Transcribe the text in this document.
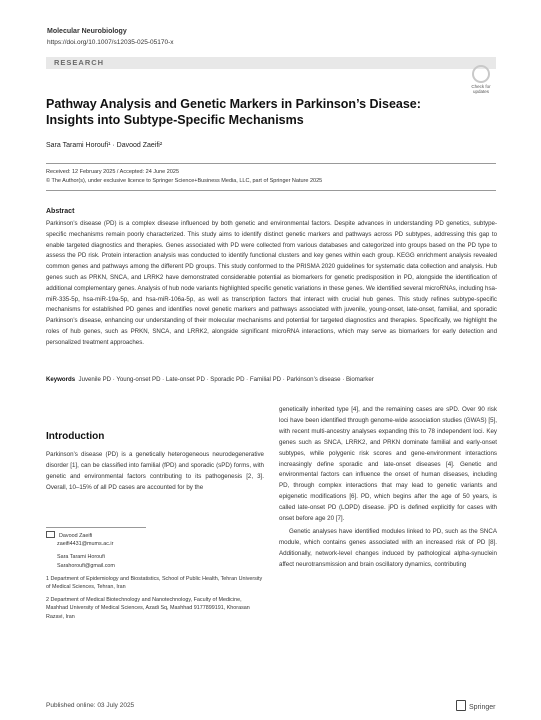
Molecular Neurobiology
https://doi.org/10.1007/s12035-025-05170-x
RESEARCH
Check for updates
Pathway Analysis and Genetic Markers in Parkinson’s Disease: Insights into Subtype-Specific Mechanisms
Sara Tarami Horoufi¹ · Davood Zaeifi²
Received: 12 February 2025 / Accepted: 24 June 2025
© The Author(s), under exclusive licence to Springer Science+Business Media, LLC, part of Springer Nature 2025
Abstract
Parkinson’s disease (PD) is a complex disease influenced by both genetic and environmental factors. Despite advances in understanding PD genetics, subtype-specific mechanisms remain poorly characterized. This study aims to identify distinct genetic markers and pathways across PD subtypes, addressing this gap to enable targeted diagnostics and therapies. Genes associated with PD were collected from various databases and categorized into groups based on the PD type to assess the PD risk. Protein interaction analysis was conducted to identify functional clusters and key genes within each group. KEGG enrichment analysis revealed common genes and pathways among the different PD groups. This study conformed to the PRISMA 2020 guidelines for systematic data collection and analysis. Hub genes such as PRKN, SNCA, and LRRK2 have demonstrated considerable potential as biomarkers for genetic predisposition in PD, alongside the identification of additional complementary genes. Analysis of hub node variants highlighted specific genetic variations in these genes. We identified several microRNAs, including hsa-miR-335-5p, hsa-miR-19a-5p, and hsa-miR-106a-5p, as well as transcription factors that interact with crucial hub genes. This study refines subtype-specific mechanisms for established PD genes and identifies novel genetic markers and pathways associated with juvenile, young-onset, late-onset, familial, and sporadic Parkinson’s disease, enhancing our understanding of their molecular mechanisms and potential for targeted diagnostics and therapies. Specifically, we highlight the roles of hub genes, such as PRKN, SNCA, and LRRK2, alongside significant microRNA interactions, which may serve as biomarkers for early detection and personalized treatment approaches.
Keywords Juvenile PD · Young-onset PD · Late-onset PD · Sporadic PD · Familial PD · Parkinson’s disease · Biomarker
Introduction
Parkinson’s disease (PD) is a genetically heterogeneous neurodegenerative disorder [1], can be classified into familial (fPD) and sporadic (sPD) forms, with genetic and environmental factors contributing to its pathogenesis [2, 3]. Overall, 10–15% of all PD cases are accounted for by the
Davood Zaeifi
zaeifi4431@mums.ac.ir
Sara Tarami Horoufi
Sarahoroufi@gmail.com
1 Department of Epidemiology and Biostatistics, School of Public Health, Tehran University of Medical Sciences, Tehran, Iran
2 Department of Medical Biotechnology and Nanotechnology, Faculty of Medicine, Mashhad University of Medical Sciences, Azadi Sq, Mashhad 9177899191, Khorasan Razavi, Iran

genetically inherited type [4], and the remaining cases are sPD. Over 90 risk loci have been identified through genome-wide association studies (GWAS) [5], with recent multi-ancestry analyses expanding this to 78 independent loci. Key genes such as SNCA, LRRK2, and PRKN dominate familial and early-onset subtypes, while polygenic risk scores and gene-environment interactions increasingly define sporadic and late-onset diseases [4]. Genetic and environmental factors can influence the onset of human diseases, including PD, through complex interactions that may lead to genetic variants and epigenetic modifications [6]. PD, which begins after the age of 50 years, is called late-onset PD (LOPD) disease. jPD is defined explicitly for cases with onset before age 20 [7].

Genetic analyses have identified modules linked to PD, such as the SNCA module, which contains genes associated with an increased risk of PD [8]. Additionally, network-level changes induced by pathological alpha-synuclein affect neurotransmission and brain oscillatory dynamics, contributing

Published online: 03 July 2025	Springer
